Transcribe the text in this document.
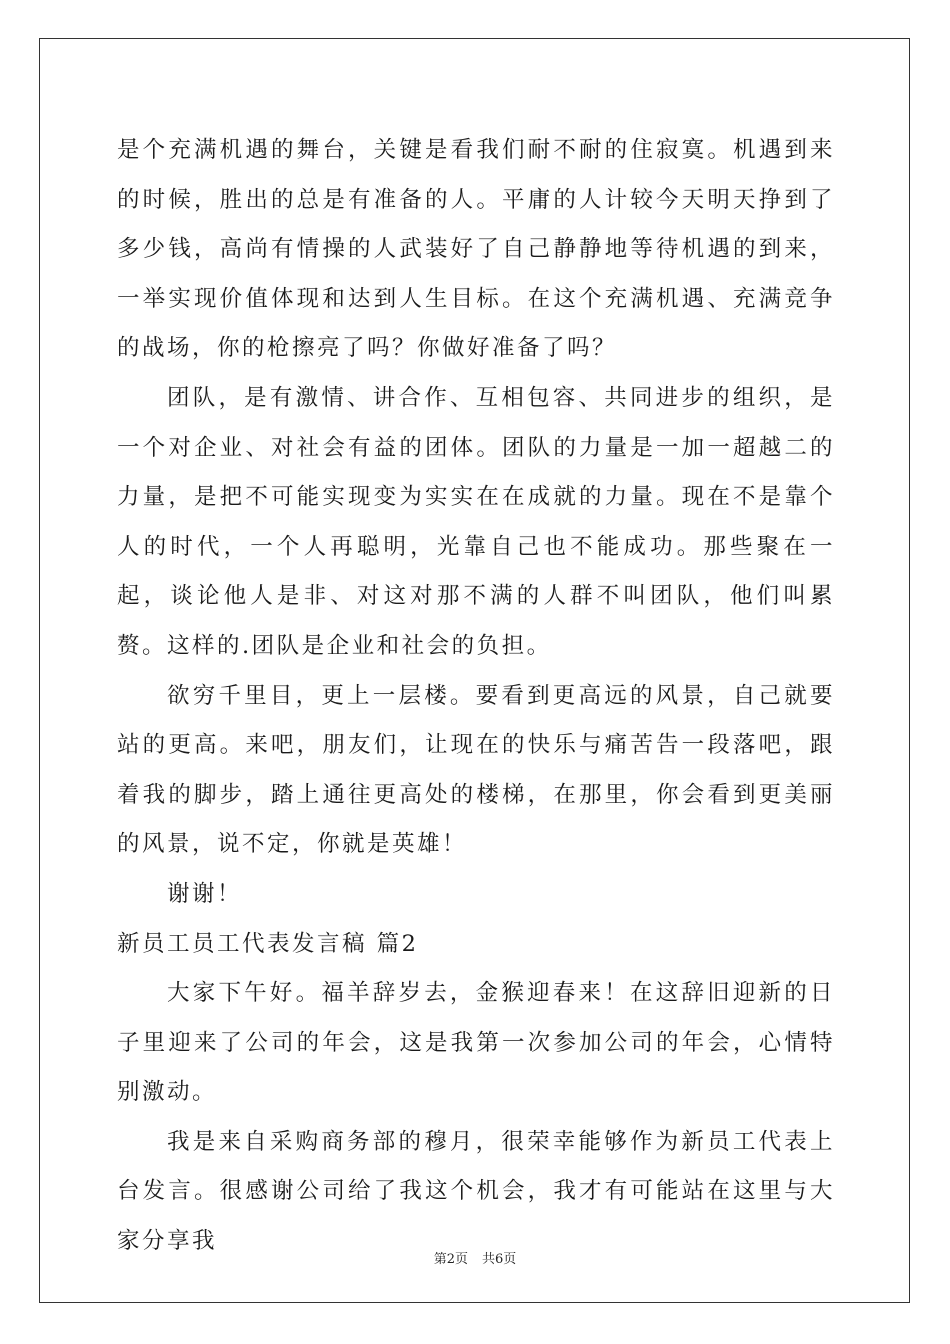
是个充满机遇的舞台，关键是看我们耐不耐的住寂寞。机遇到来的时候，胜出的总是有准备的人。平庸的人计较今天明天挣到了多少钱，高尚有情操的人武装好了自己静静地等待机遇的到来，一举实现价值体现和达到人生目标。在这个充满机遇、充满竞争的战场，你的枪擦亮了吗？你做好准备了吗？

团队，是有激情、讲合作、互相包容、共同进步的组织，是一个对企业、对社会有益的团体。团队的力量是一加一超越二的力量，是把不可能实现变为实实在在成就的力量。现在不是靠个人的时代，一个人再聪明，光靠自己也不能成功。那些聚在一起，谈论他人是非、对这对那不满的人群不叫团队，他们叫累赘。这样的.团队是企业和社会的负担。

欲穷千里目，更上一层楼。要看到更高远的风景，自己就要站的更高。来吧，朋友们，让现在的快乐与痛苦告一段落吧，跟着我的脚步，踏上通往更高处的楼梯，在那里，你会看到更美丽的风景，说不定，你就是英雄！

谢谢！

新员工员工代表发言稿 篇2

大家下午好。福羊辞岁去，金猴迎春来！在这辞旧迎新的日子里迎来了公司的年会，这是我第一次参加公司的年会，心情特别激动。

我是来自采购商务部的穆月，很荣幸能够作为新员工代表上台发言。很感谢公司给了我这个机会，我才有可能站在这里与大家分享我

第2页 共6页
